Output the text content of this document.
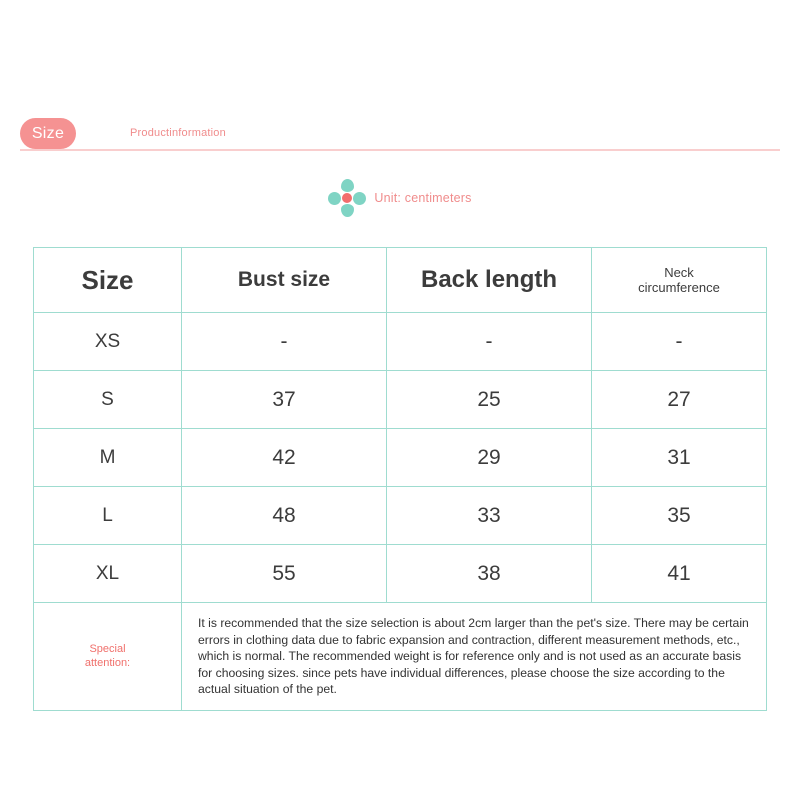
Size	Productinformation
Unit: centimeters
Size	Bust size	Back length	Neck
circumference

XS	-	-	-
S	37	25	27
M	42	29	31
L	48	33	35
XL	55	38	41

Special
attention:	It is recommended that the size selection is about 2cm larger than the pet's size. There may be certain errors in clothing data due to fabric expansion and contraction, different measurement methods, etc., which is normal. The recommended weight is for reference only and is not used as an accurate basis for choosing sizes. since pets have individual differences, please choose the size according to the actual situation of the pet.		
